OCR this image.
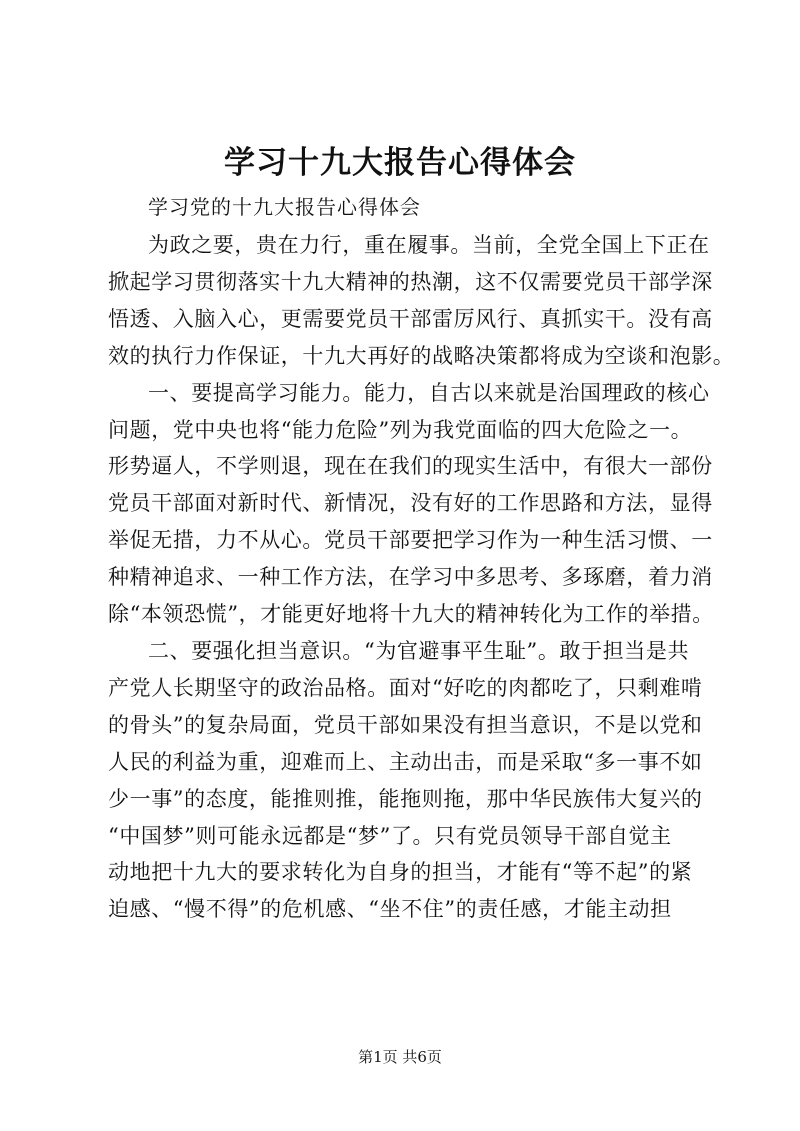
学习十九大报告心得体会
学习党的十九大报告心得体会
为政之要，贵在力行，重在履事。当前，全党全国上下正在
掀起学习贯彻落实十九大精神的热潮，这不仅需要党员干部学深
悟透、入脑入心，更需要党员干部雷厉风行、真抓实干。没有高
效的执行力作保证，十九大再好的战略决策都将成为空谈和泡影。
一、要提高学习能力。能力，自古以来就是治国理政的核心
问题，党中央也将“能力危险”列为我党面临的四大危险之一。
形势逼人，不学则退，现在在我们的现实生活中，有很大一部份
党员干部面对新时代、新情况，没有好的工作思路和方法，显得
举促无措，力不从心。党员干部要把学习作为一种生活习惯、一
种精神追求、一种工作方法，在学习中多思考、多琢磨，着力消
除“本领恐慌”，才能更好地将十九大的精神转化为工作的举措。
二、要强化担当意识。“为官避事平生耻”。敢于担当是共
产党人长期坚守的政治品格。面对“好吃的肉都吃了，只剩难啃
的骨头”的复杂局面，党员干部如果没有担当意识，不是以党和
人民的利益为重，迎难而上、主动出击，而是采取“多一事不如
少一事”的态度，能推则推，能拖则拖，那中华民族伟大复兴的
“中国梦”则可能永远都是“梦”了。只有党员领导干部自觉主
动地把十九大的要求转化为自身的担当，才能有“等不起”的紧
迫感、“慢不得”的危机感、“坐不住”的责任感，才能主动担
第1页 共6页
